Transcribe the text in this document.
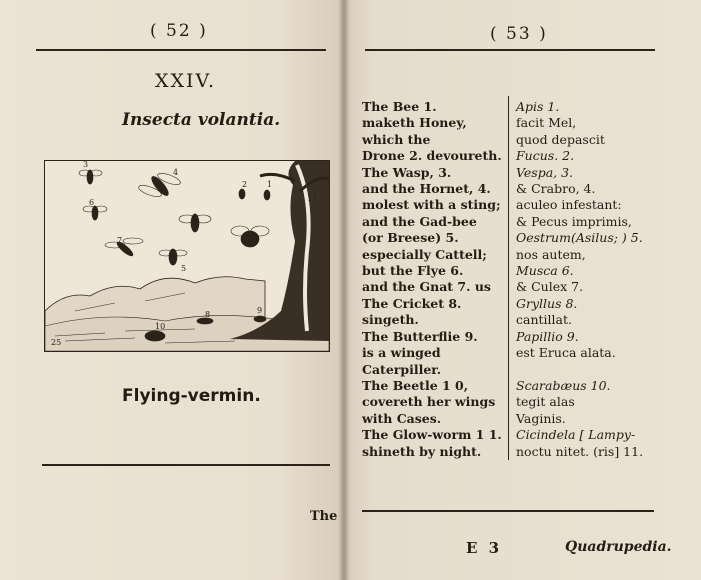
( 52 )
XXIV.
Insecta volantia.
1
2
3
4
5
6
7
8	9
10
11
25
Flying-vermin.
The
( 53 )
The Bee 1.
maketh Honey,
which the
Drone 2. devoureth.
The Wasp, 3.
and the Hornet, 4.
molest with a sting;
and the Gad-bee
(or Breese) 5.
especially Cattell;
but the Flye 6.
and the Gnat 7. us
The Cricket 8.
singeth.
The Butterflie 9.
is a winged
Caterpiller.
The Beetle 1 0,
covereth her wings
with Cases.
The Glow-worm 1 1.
shineth by night.
Apis 1.
facit Mel,
quod depascit
Fucus. 2.
Vespa, 3.
& Crabro, 4.
aculeo infestant:
& Pecus imprimis,
Oestrum(Asilus; ) 5.
nos autem,
Musca 6.
& Culex 7.
Gryllus 8.
cantillat.
Papillio 9.
est Eruca alata.

Scarabæus 10.
tegit alas
Vaginis.
Cicindela [ Lampy-
noctu nitet. (ris] 11.
E 3	Quadrupedia.
